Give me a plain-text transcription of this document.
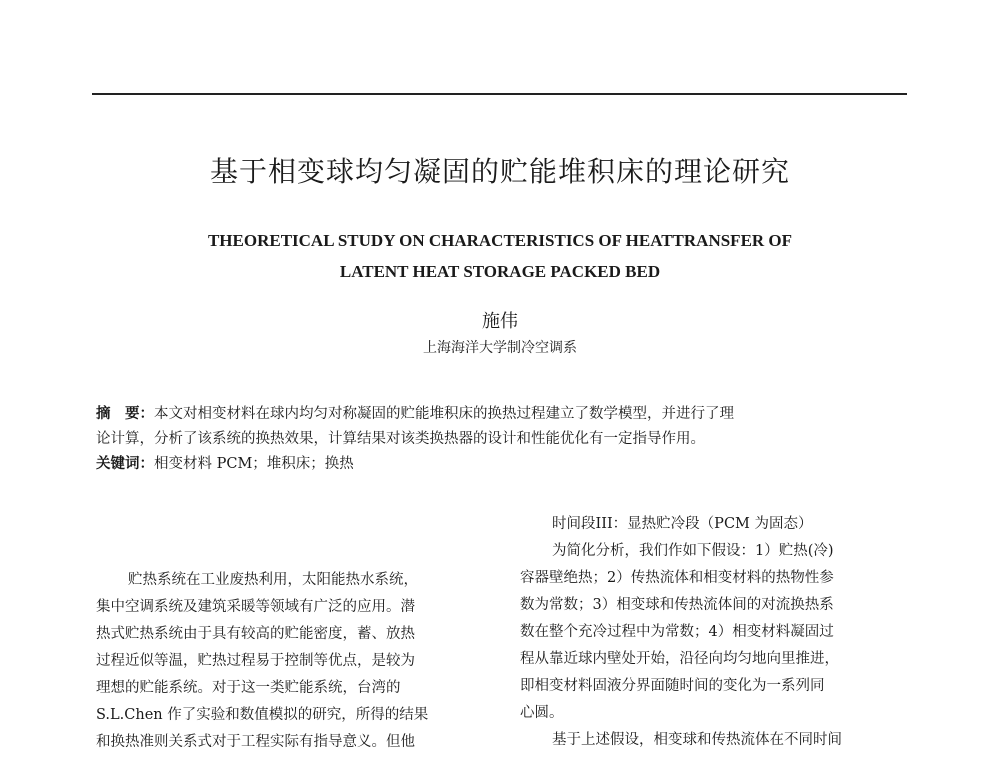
基于相变球均匀凝固的贮能堆积床的理论研究
THEORETICAL STUDY ON CHARACTERISTICS OF HEATTRANSFER OF
LATENT HEAT STORAGE PACKED BED
施伟
上海海洋大学制冷空调系
摘　要：本文对相变材料在球内均匀对称凝固的贮能堆积床的换热过程建立了数学模型，并进行了理
论计算，分析了该系统的换热效果，计算结果对该类换热器的设计和性能优化有一定指导作用。
关键词：相变材料 PCM；堆积床；换热
贮热系统在工业废热利用，太阳能热水系统，
集中空调系统及建筑采暖等领域有广泛的应用。潜
热式贮热系统由于具有较高的贮能密度，蓄、放热
过程近似等温，贮热过程易于控制等优点，是较为
理想的贮能系统。对于这一类贮能系统，台湾的
S.L.Chen 作了实验和数值模拟的研究，所得的结果
和换热准则关系式对于工程实际有指导意义。但他
时间段III：显热贮冷段（PCM 为固态）
为简化分析，我们作如下假设：1）贮热(冷)
容器壁绝热；2）传热流体和相变材料的热物性参
数为常数；3）相变球和传热流体间的对流换热系
数在整个充冷过程中为常数；4）相变材料凝固过
程从靠近球内壁处开始，沿径向均匀地向里推进，
即相变材料固液分界面随时间的变化为一系列同
心圆。
基于上述假设，相变球和传热流体在不同时间
